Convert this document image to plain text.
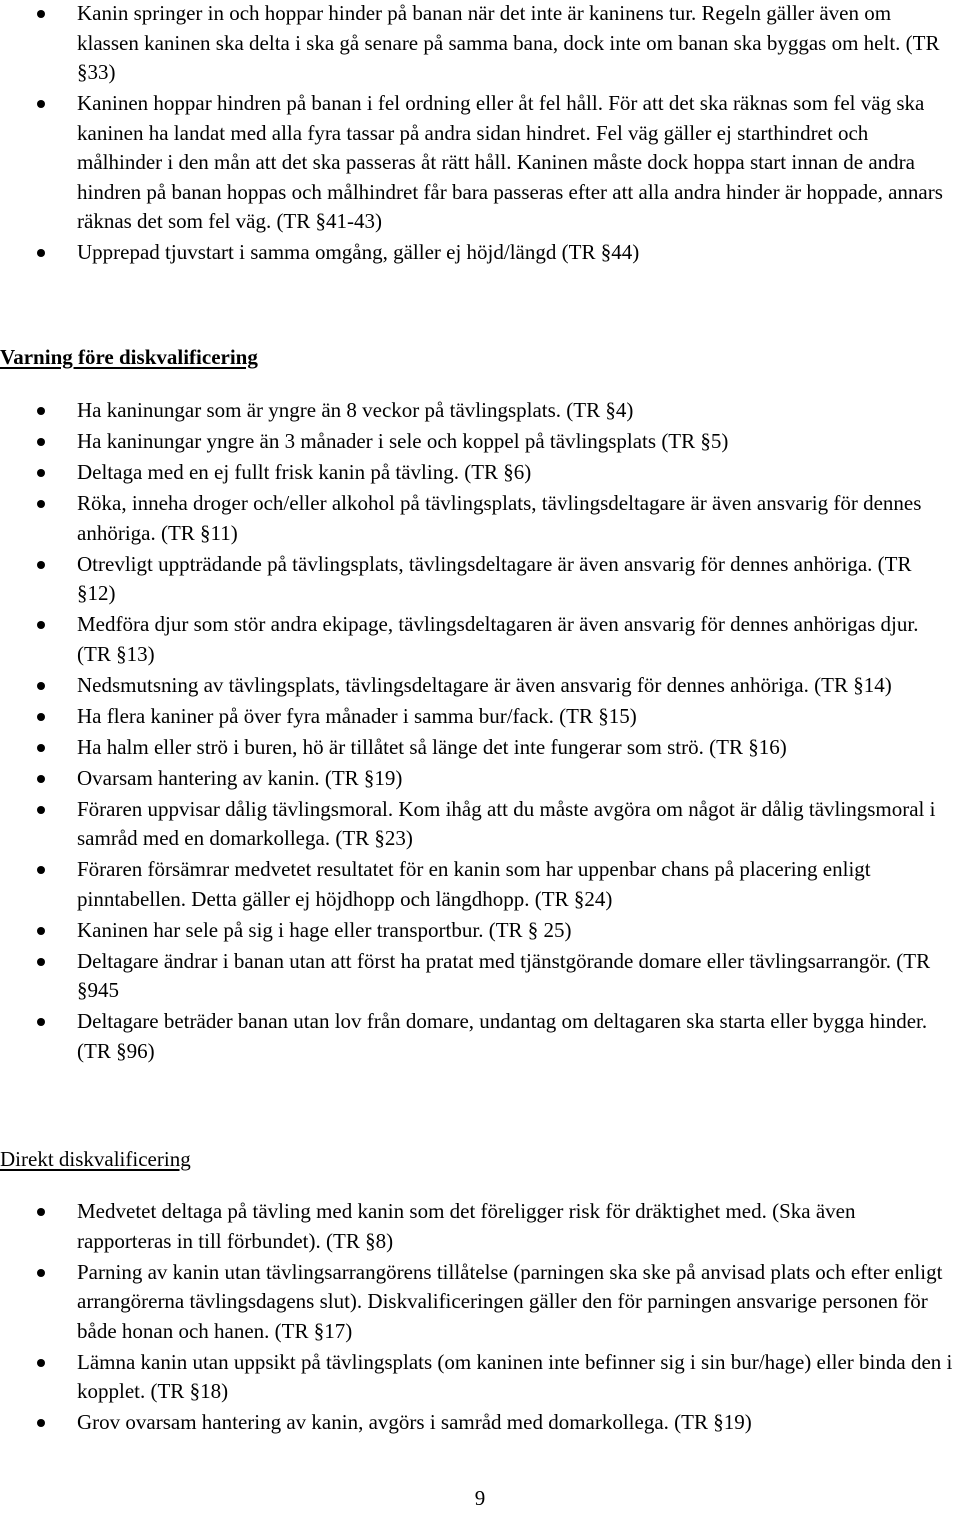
Kanin springer in och hoppar hinder på banan när det inte är kaninens tur. Regeln gäller även om klassen kaninen ska delta i ska gå senare på samma bana, dock inte om banan ska byggas om helt. (TR §33)
Kaninen hoppar hindren på banan i fel ordning eller åt fel håll. För att det ska räknas som fel väg ska kaninen ha landat med alla fyra tassar på andra sidan hindret. Fel väg gäller ej starthindret och målhinder i den mån att det ska passeras åt rätt håll. Kaninen måste dock hoppa start innan de andra hindren på banan hoppas och målhindret får bara passeras efter att alla andra hinder är hoppade, annars räknas det som fel väg. (TR §41-43)
Upprepad tjuvstart i samma omgång, gäller ej höjd/längd (TR §44)
Varning före diskvalificering
Ha kaninungar som är yngre än 8 veckor på tävlingsplats. (TR §4)
Ha kaninungar yngre än 3 månader i sele och koppel på tävlingsplats (TR §5)
Deltaga med en ej fullt frisk kanin på tävling. (TR §6)
Röka, inneha droger och/eller alkohol på tävlingsplats, tävlingsdeltagare är även ansvarig för dennes anhöriga. (TR §11)
Otrevligt uppträdande på tävlingsplats, tävlingsdeltagare är även ansvarig för dennes anhöriga. (TR §12)
Medföra djur som stör andra ekipage, tävlingsdeltagaren är även ansvarig för dennes anhörigas djur. (TR §13)
Nedsmutsning av tävlingsplats, tävlingsdeltagare är även ansvarig för dennes anhöriga. (TR §14)
Ha flera kaniner på över fyra månader i samma bur/fack. (TR §15)
Ha halm eller strö i buren, hö är tillåtet så länge det inte fungerar som strö. (TR §16)
Ovarsam hantering av kanin. (TR §19)
Föraren uppvisar dålig tävlingsmoral. Kom ihåg att du måste avgöra om något är dålig tävlingsmoral i samråd med en domarkollega. (TR §23)
Föraren försämrar medvetet resultatet för en kanin som har uppenbar chans på placering enligt pinntabellen. Detta gäller ej höjdhopp och längdhopp. (TR §24)
Kaninen har sele på sig i hage eller transportbur. (TR § 25)
Deltagare ändrar i banan utan att först ha pratat med tjänstgörande domare eller tävlingsarrangör. (TR §945
Deltagare beträder banan utan lov från domare, undantag om deltagaren ska starta eller bygga hinder. (TR §96)
Direkt diskvalificering
Medvetet deltaga på tävling med kanin som det föreligger risk för dräktighet med. (Ska även rapporteras in till förbundet). (TR §8)
Parning av kanin utan tävlingsarrangörens tillåtelse (parningen ska ske på anvisad plats och efter enligt arrangörerna tävlingsdagens slut). Diskvalificeringen gäller den för parningen ansvarige personen för både honan och hanen. (TR §17)
Lämna kanin utan uppsikt på tävlingsplats (om kaninen inte befinner sig i sin bur/hage) eller binda den i kopplet. (TR §18)
Grov ovarsam hantering av kanin, avgörs i samråd med domarkollega. (TR §19)
9
